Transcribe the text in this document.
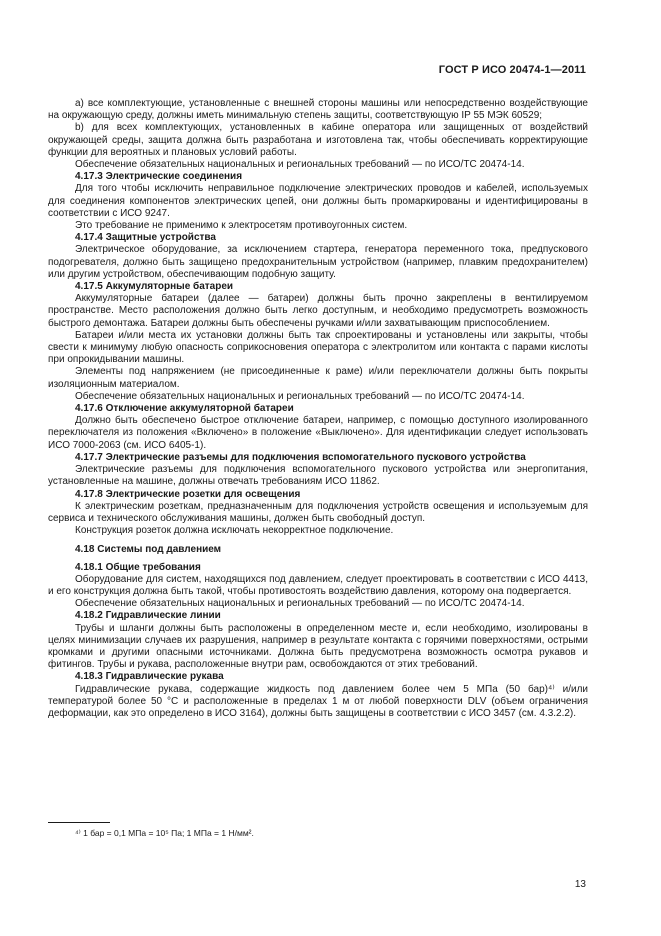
ГОСТ Р ИСО 20474-1—2011

а) все комплектующие, установленные с внешней стороны машины или непосредственно воздействующие на окружающую среду, должны иметь минимальную степень защиты, соответствующую IP 55 МЭК 60529;

b) для всех комплектующих, установленных в кабине оператора или защищенных от воздействий окружающей среды, защита должна быть разработана и изготовлена так, чтобы обеспечивать корректирующие функции для вероятных и плановых условий работы.

Обеспечение обязательных национальных и региональных требований — по ИСО/ТС 20474-14.

4.17.3 Электрические соединения

Для того чтобы исключить неправильное подключение электрических проводов и кабелей, используемых для соединения компонентов электрических цепей, они должны быть промаркированы и идентифицированы в соответствии с ИСО 9247.

Это требование не применимо к электросетям противоугонных систем.

4.17.4 Защитные устройства

Электрическое оборудование, за исключением стартера, генератора переменного тока, предпускового подогревателя, должно быть защищено предохранительным устройством (например, плавким предохранителем) или другим устройством, обеспечивающим подобную защиту.

4.17.5 Аккумуляторные батареи

Аккумуляторные батареи (далее — батареи) должны быть прочно закреплены в вентилируемом пространстве. Место расположения должно быть легко доступным, и необходимо предусмотреть возможность быстрого демонтажа. Батареи должны быть обеспечены ручками и/или захватывающим приспособлением.

Батареи и/или места их установки должны быть так спроектированы и установлены или закрыты, чтобы свести к минимуму любую опасность соприкосновения оператора с электролитом или контакта с парами кислоты при опрокидывании машины.

Элементы под напряжением (не присоединенные к раме) и/или переключатели должны быть покрыты изоляционным материалом.

Обеспечение обязательных национальных и региональных требований — по ИСО/ТС 20474-14.

4.17.6 Отключение аккумуляторной батареи

Должно быть обеспечено быстрое отключение батареи, например, с помощью доступного изолированного переключателя из положения «Включено» в положение «Выключено». Для идентификации следует использовать ИСО 7000-2063 (см. ИСО 6405-1).

4.17.7 Электрические разъемы для подключения вспомогательного пускового устройства

Электрические разъемы для подключения вспомогательного пускового устройства или энергопитания, установленные на машине, должны отвечать требованиям ИСО 11862.

4.17.8 Электрические розетки для освещения

К электрическим розеткам, предназначенным для подключения устройств освещения и используемым для сервиса и технического обслуживания машины, должен быть свободный доступ.

Конструкция розеток должна исключать некорректное подключение.

4.18 Системы под давлением

4.18.1 Общие требования

Оборудование для систем, находящихся под давлением, следует проектировать в соответствии с ИСО 4413, и его конструкция должна быть такой, чтобы противостоять воздействию давления, которому она подвергается.

Обеспечение обязательных национальных и региональных требований — по ИСО/ТС 20474-14.

4.18.2 Гидравлические линии

Трубы и шланги должны быть расположены в определенном месте и, если необходимо, изолированы в целях минимизации случаев их разрушения, например в результате контакта с горячими поверхностями, острыми кромками и другими опасными источниками. Должна быть предусмотрена возможность осмотра рукавов и фитингов. Трубы и рукава, расположенные внутри рам, освобождаются от этих требований.

4.18.3 Гидравлические рукава

Гидравлические рукава, содержащие жидкость под давлением более чем 5 МПа (50 бар)⁴⁾ и/или температурой более 50 °C и расположенные в пределах 1 м от любой поверхности DLV (объем ограничения деформации, как это определено в ИСО 3164), должны быть защищены в соответствии с ИСО 3457 (см. 4.3.2.2).

⁴⁾ 1 бар = 0,1 МПа = 10⁵ Па; 1 МПа = 1 Н/мм².
13
